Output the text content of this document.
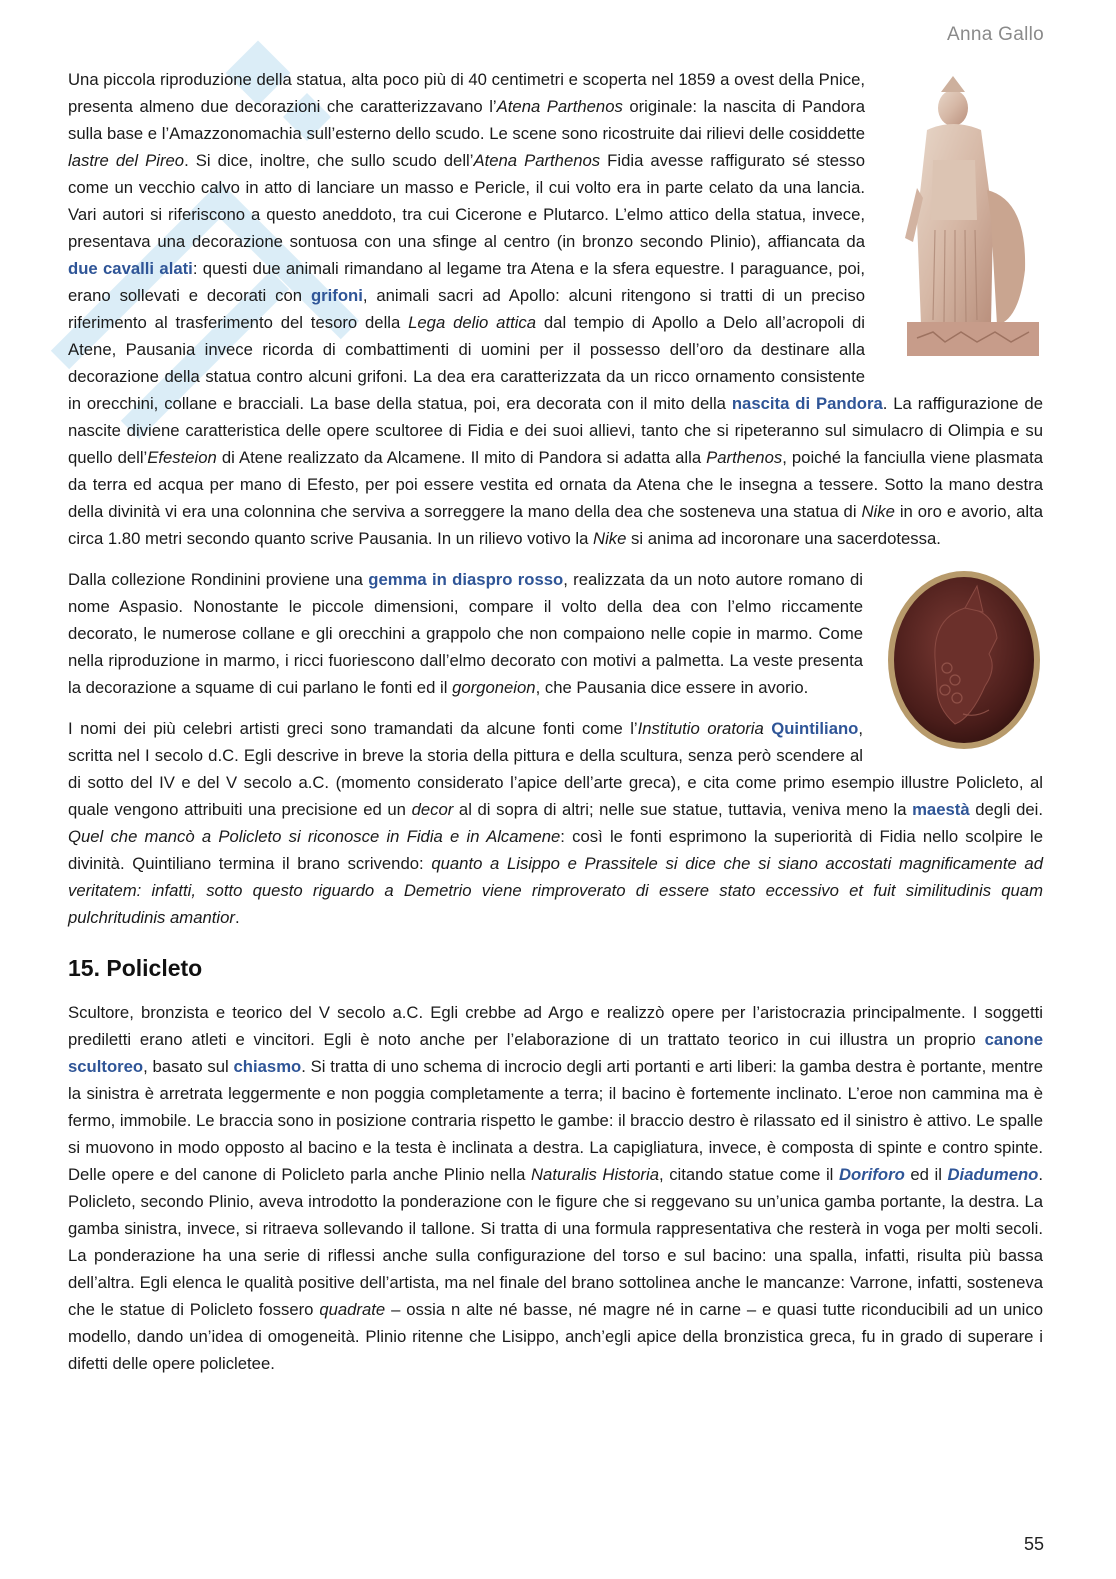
Anna Gallo

Una piccola riproduzione della statua, alta poco più di 40 centimetri e scoperta nel 1859 a ovest della Pnice, presenta almeno due decorazioni che caratterizzavano l’Atena Parthenos originale: la nascita di Pandora sulla base e l’Amazzonomachia sull’esterno dello scudo. Le scene sono ricostruite dai rilievi delle cosiddette lastre del Pireo. Si dice, inoltre, che sullo scudo dell’Atena Parthenos Fidia avesse raffigurato sé stesso come un vecchio calvo in atto di lanciare un masso e Pericle, il cui volto era in parte celato da una lancia. Vari autori si riferiscono a questo aneddoto, tra cui Cicerone e Plutarco. L’elmo attico della statua, invece, presentava una decorazione sontuosa con una sfinge al centro (in bronzo secondo Plinio), affiancata da due cavalli alati: questi due animali rimandano al legame tra Atena e la sfera equestre. I paraguance, poi, erano sollevati e decorati con grifoni, animali sacri ad Apollo: alcuni ritengono si tratti di un preciso riferimento al trasferimento del tesoro della Lega delio attica dal tempio di Apollo a Delo all’acropoli di Atene, Pausania invece ricorda di combattimenti di uomini per il possesso dell’oro da destinare alla decorazione della statua contro alcuni grifoni. La dea era caratterizzata da un ricco ornamento consistente in orecchini, collane e bracciali. La base della statua, poi, era decorata con il mito della nascita di Pandora. La raffigurazione de nascite diviene caratteristica delle opere scultoree di Fidia e dei suoi allievi, tanto che si ripeteranno sul simulacro di Olimpia e su quello dell’Efesteion di Atene realizzato da Alcamene. Il mito di Pandora si adatta alla Parthenos, poiché la fanciulla viene plasmata da terra ed acqua per mano di Efesto, per poi essere vestita ed ornata da Atena che le insegna a tessere. Sotto la mano destra della divinità vi era una colonnina che serviva a sorreggere la mano della dea che sosteneva una statua di Nike in oro e avorio, alta circa 1.80 metri secondo quanto scrive Pausania. In un rilievo votivo la Nike si anima ad incoronare una sacerdotessa.

Dalla collezione Rondinini proviene una gemma in diaspro rosso, realizzata da un noto autore romano di nome Aspasio. Nonostante le piccole dimensioni, compare il volto della dea con l’elmo riccamente decorato, le numerose collane e gli orecchini a grappolo che non compaiono nelle copie in marmo. Come nella riproduzione in marmo, i ricci fuoriescono dall’elmo decorato con motivi a palmetta. La veste presenta la decorazione a squame di cui parlano le fonti ed il gorgoneion, che Pausania dice essere in avorio.

I nomi dei più celebri artisti greci sono tramandati da alcune fonti come l’Institutio oratoria Quintiliano, scritta nel I secolo d.C. Egli descrive in breve la storia della pittura e della scultura, senza però scendere al di sotto del IV e del V secolo a.C. (momento considerato l’apice dell’arte greca), e cita come primo esempio illustre Policleto, al quale vengono attribuiti una precisione ed un decor al di sopra di altri; nelle sue statue, tuttavia, veniva meno la maestà degli dei. Quel che mancò a Policleto si riconosce in Fidia e in Alcamene: così le fonti esprimono la superiorità di Fidia nello scolpire le divinità. Quintiliano termina il brano scrivendo: quanto a Lisippo e Prassitele si dice che si siano accostati magnificamente ad veritatem: infatti, sotto questo riguardo a Demetrio viene rimproverato di essere stato eccessivo et fuit similitudinis quam pulchritudinis amantior.

15. Policleto

Scultore, bronzista e teorico del V secolo a.C. Egli crebbe ad Argo e realizzò opere per l’aristocrazia principalmente. I soggetti prediletti erano atleti e vincitori. Egli è noto anche per l’elaborazione di un trattato teorico in cui illustra un proprio canone scultoreo, basato sul chiasmo. Si tratta di uno schema di incrocio degli arti portanti e arti liberi: la gamba destra è portante, mentre la sinistra è arretrata leggermente e non poggia completamente a terra; il bacino è fortemente inclinato. L’eroe non cammina ma è fermo, immobile. Le braccia sono in posizione contraria rispetto le gambe: il braccio destro è rilassato ed il sinistro è attivo. Le spalle si muovono in modo opposto al bacino e la testa è inclinata a destra. La capigliatura, invece, è composta di spinte e contro spinte. Delle opere e del canone di Policleto parla anche Plinio nella Naturalis Historia, citando statue come il Doriforo ed il Diadumeno. Policleto, secondo Plinio, aveva introdotto la ponderazione con le figure che si reggevano su un’unica gamba portante, la destra. La gamba sinistra, invece, si ritraeva sollevando il tallone. Si tratta di una formula rappresentativa che resterà in voga per molti secoli. La ponderazione ha una serie di riflessi anche sulla configurazione del torso e sul bacino: una spalla, infatti, risulta più bassa dell’altra. Egli elenca le qualità positive dell’artista, ma nel finale del brano sottolinea anche le mancanze: Varrone, infatti, sosteneva che le statue di Policleto fossero quadrate – ossia n alte né basse, né magre né in carne – e quasi tutte riconducibili ad un unico modello, dando un’idea di omogeneità. Plinio ritenne che Lisippo, anch’egli apice della bronzistica greca, fu in grado di superare i difetti delle opere policletee.

55
